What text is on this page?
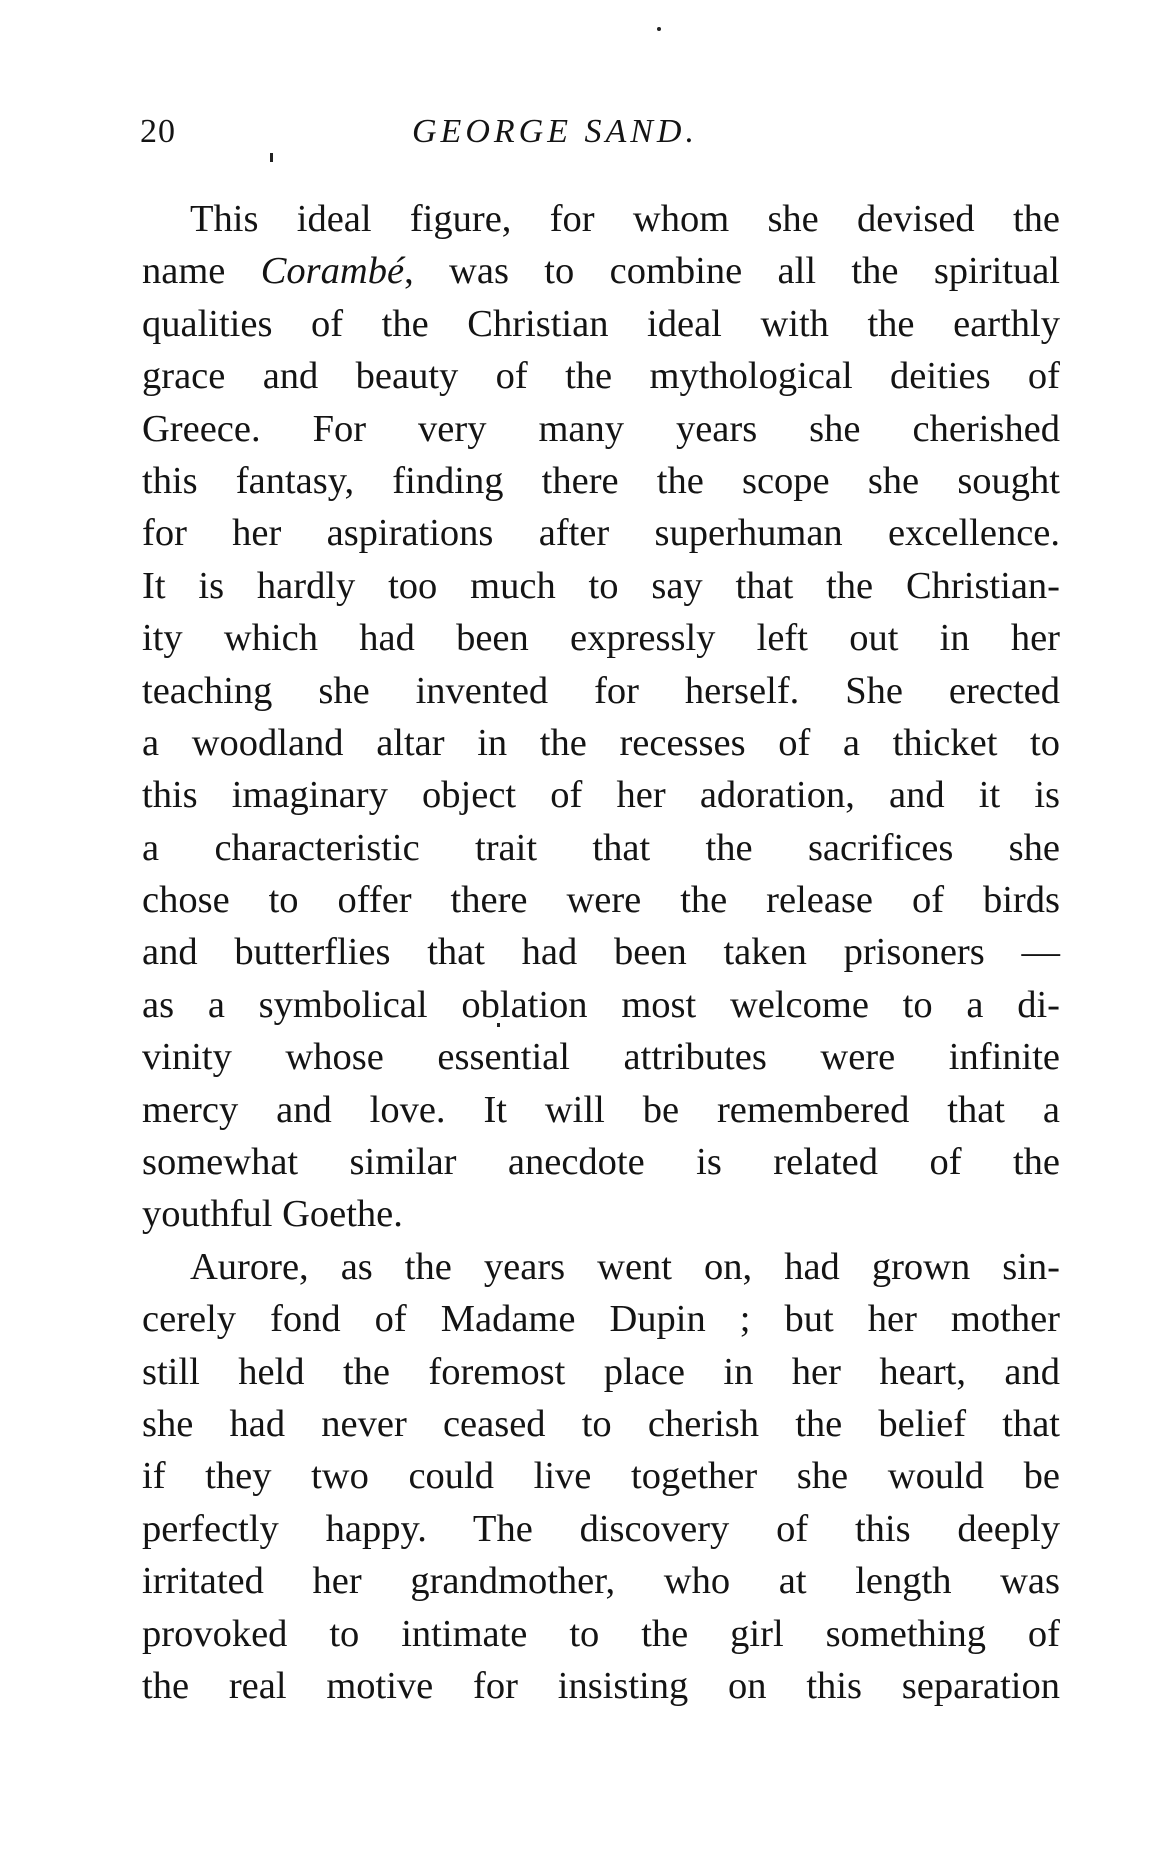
20	GEORGE SAND.
This ideal figure, for whom she devised the
name Corambé, was to combine all the spiritual
qualities of the Christian ideal with the earthly
grace and beauty of the mythological deities of
Greece. For very many years she cherished
this fantasy, finding there the scope she sought
for her aspirations after superhuman excellence.
It is hardly too much to say that the Christian-
ity which had been expressly left out in her
teaching she invented for herself. She erected
a woodland altar in the recesses of a thicket to
this imaginary object of her adoration, and it is
a characteristic trait that the sacrifices she
chose to offer there were the release of birds
and butterflies that had been taken prisoners —
as a symbolical oblation most welcome to a di-
vinity whose essential attributes were infinite
mercy and love. It will be remembered that a
somewhat similar anecdote is related of the
youthful Goethe.
Aurore, as the years went on, had grown sin-
cerely fond of Madame Dupin ; but her mother
still held the foremost place in her heart, and
she had never ceased to cherish the belief that
if they two could live together she would be
perfectly happy. The discovery of this deeply
irritated her grandmother, who at length was
provoked to intimate to the girl something of
the real motive for insisting on this separation
